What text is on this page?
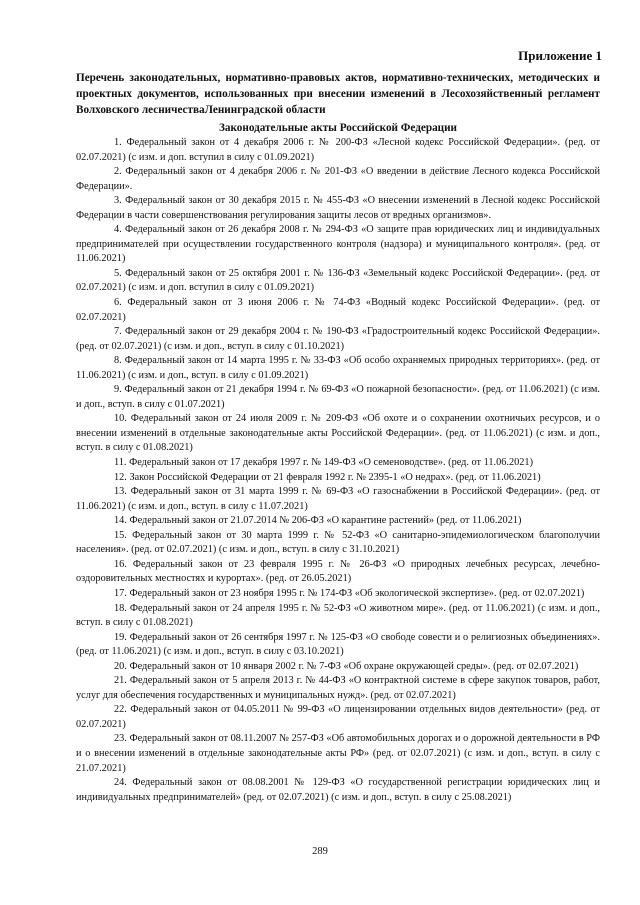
Приложение 1

Перечень законодательных, нормативно-правовых актов, нормативно-технических, методических и проектных документов, использованных при внесении изменений в Лесохозяйственный регламент Волховского лесничестваЛенинградской области

Законодательные акты Российской Федерации

1. Федеральный закон от 4 декабря 2006 г. № 200-ФЗ «Лесной кодекс Российской Федерации». (ред. от 02.07.2021) (с изм. и доп. вступил в силу с 01.09.2021)
2. Федеральный закон от 4 декабря 2006 г. № 201-ФЗ «О введении в действие Лесного кодекса Российской Федерации».
3. Федеральный закон от 30 декабря 2015 г. № 455-ФЗ «О внесении изменений в Лесной кодекс Российской Федерации в части совершенствования регулирования защиты лесов от вредных организмов».
4. Федеральный закон от 26 декабря 2008 г. № 294-ФЗ «О защите прав юридических лиц и индивидуальных предпринимателей при осуществлении государственного контроля (надзора) и муниципального контроля». (ред. от 11.06.2021)
5. Федеральный закон от 25 октября 2001 г. № 136-ФЗ «Земельный кодекс Российской Федерации». (ред. от 02.07.2021) (с изм. и доп. вступил в силу с 01.09.2021)
6. Федеральный закон от 3 июня 2006 г. № 74-ФЗ «Водный кодекс Российской Федерации». (ред. от 02.07.2021)
7. Федеральный закон от 29 декабря 2004 г. № 190-ФЗ «Градостроительный кодекс Российской Федерации». (ред. от 02.07.2021) (с изм. и доп., вступ. в силу с 01.10.2021)
8. Федеральный закон от 14 марта 1995 г. № 33-ФЗ «Об особо охраняемых природных территориях». (ред. от 11.06.2021) (с изм. и доп., вступ. в силу с 01.09.2021)
9. Федеральный закон от 21 декабря 1994 г. № 69-ФЗ «О пожарной безопасности». (ред. от 11.06.2021) (с изм. и доп., вступ. в силу с 01.07.2021)
10. Федеральный закон от 24 июля 2009 г. № 209-ФЗ «Об охоте и о сохранении охотничьих ресурсов, и о внесении изменений в отдельные законодательные акты Российской Федерации». (ред. от 11.06.2021) (с изм. и доп., вступ. в силу с 01.08.2021)
11. Федеральный закон от 17 декабря 1997 г. № 149-ФЗ «О семеноводстве». (ред. от 11.06.2021)
12. Закон Российской Федерации от 21 февраля 1992 г. № 2395-1 «О недрах». (ред. от 11.06.2021)
13. Федеральный закон от 31 марта 1999 г. № 69-ФЗ «О газоснабжении в Российской Федерации». (ред. от 11.06.2021) (с изм. и доп., вступ. в силу с 11.07.2021)
14. Федеральный закон от 21.07.2014 № 206-ФЗ «О карантине растений» (ред. от 11.06.2021)
15. Федеральный закон от 30 марта 1999 г. № 52-ФЗ «О санитарно-эпидемиологическом благополучии населения». (ред. от 02.07.2021) (с изм. и доп., вступ. в силу с 31.10.2021)
16. Федеральный закон от 23 февраля 1995 г. № 26-ФЗ «О природных лечебных ресурсах, лечебно-оздоровительных местностях и курортах». (ред. от 26.05.2021)
17. Федеральный закон от 23 ноября 1995 г. № 174-ФЗ «Об экологической экспертизе». (ред. от 02.07.2021)
18. Федеральный закон от 24 апреля 1995 г. № 52-ФЗ «О животном мире». (ред. от 11.06.2021) (с изм. и доп., вступ. в силу с 01.08.2021)
19. Федеральный закон от 26 сентября 1997 г. № 125-ФЗ «О свободе совести и о религиозных объединениях». (ред. от 11.06.2021) (с изм. и доп., вступ. в силу с 03.10.2021)
20. Федеральный закон от 10 января 2002 г. № 7-ФЗ «Об охране окружающей среды». (ред. от 02.07.2021)
21. Федеральный закон от 5 апреля 2013 г. № 44-ФЗ «О контрактной системе в сфере закупок товаров, работ, услуг для обеспечения государственных и муниципальных нужд». (ред. от 02.07.2021)
22. Федеральный закон от 04.05.2011 № 99-ФЗ «О лицензировании отдельных видов деятельности» (ред. от 02.07.2021)
23. Федеральный закон от 08.11.2007 № 257-ФЗ «Об автомобильных дорогах и о дорожной деятельности в РФ и о внесении изменений в отдельные законодательные акты РФ» (ред. от 02.07.2021) (с изм. и доп., вступ. в силу с 21.07.2021)
24. Федеральный закон от 08.08.2001 № 129-ФЗ «О государственной регистрации юридических лиц и индивидуальных предпринимателей» (ред. от 02.07.2021) (с изм. и доп., вступ. в силу с 25.08.2021)
289
